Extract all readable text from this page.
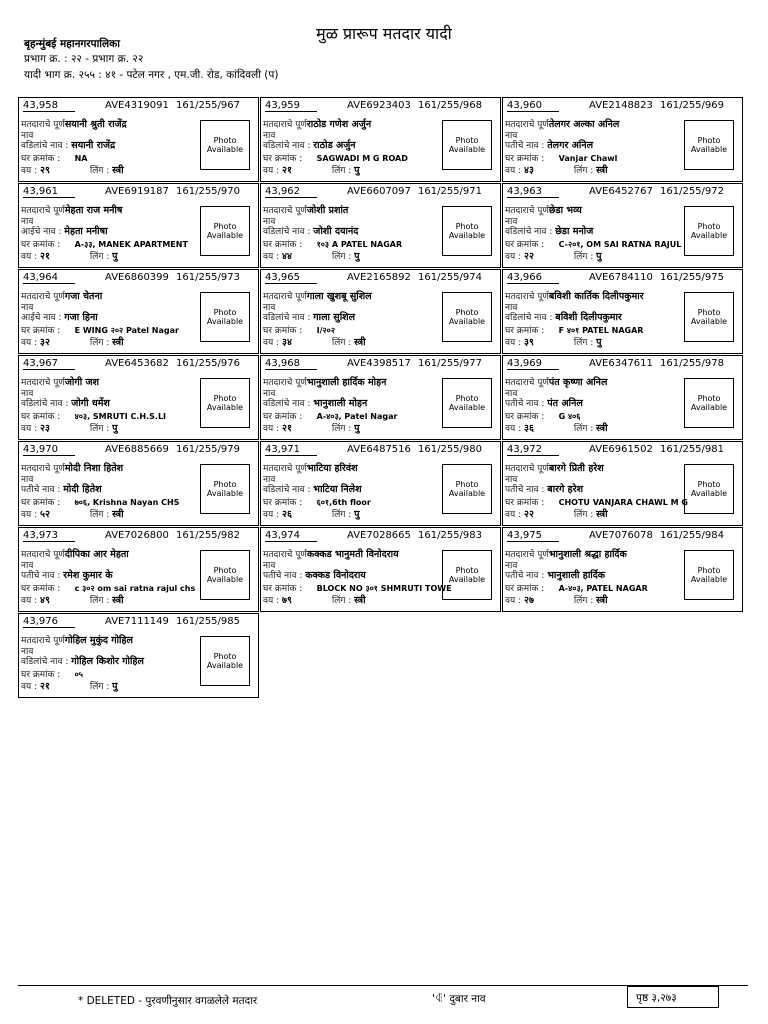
मुळ प्रारूप मतदार यादी
बृहन्मुंबई महानगरपालिका
प्रभाग क्र. : २२ - प्रभाग क्र. २२
यादी भाग क्र. २५५ : ४१ - पटेल नगर , एम.जी. रोड, कांदिवली (प)
43,958	AVE4319091 161/255/967
मतदाराचे पूर्णसयानी श्रुती राजेंद्र
नाव
वडिलांचे नाव : सयानी राजेंद्र
घर क्रमांक :     NA
वय : २९	लिंग : स्त्री
Photo
Available
43,959	AVE6923403 161/255/968
मतदाराचे पूर्णराठोड गणेश अर्जुन
नाव
वडिलांचे नाव : राठोड अर्जुन
घर क्रमांक :     SAGWADI M G ROAD
वय : २१	लिंग : पु
Photo
Available
43,960	AVE2148823 161/255/969
मतदाराचे पूर्णतेलगर अल्का अनिल
नाव
पतीचे नाव : तेलगर अनिल
घर क्रमांक :     Vanjar Chawl
वय : ४३	लिंग : स्त्री
Photo
Available
43,961	AVE6919187 161/255/970
मतदाराचे पूर्णमेहता राज मनीष
नाव
आईचे नाव : मेहता मनीषा
घर क्रमांक :     A-३३, MANEK APARTMENT
वय : २१	लिंग : पु
Photo
Available
43,962	AVE6607097 161/255/971
मतदाराचे पूर्णजोशी प्रशांत
नाव
वडिलांचे नाव : जोशी दयानंद
घर क्रमांक :     १०३ A PATEL NAGAR
वय : ४४	लिंग : पु
Photo
Available
43,963	AVE6452767 161/255/972
मतदाराचे पूर्णछेडा भव्य
नाव
वडिलांचे नाव : छेडा मनोज
घर क्रमांक :     C-२०१, OM SAI RATNA RAJUL
वय : २२	लिंग : पु
Photo
Available
43,964	AVE6860399 161/255/973
मतदाराचे पूर्णगजा चेतना
नाव
आईचे नाव : गजा हिना
घर क्रमांक :     E WING २०२ Patel Nagar
वय : ३२	लिंग : स्त्री
Photo
Available
43,965	AVE2165892 161/255/974
मतदाराचे पूर्णगाला खुशबू सुशिल
नाव
वडिलांचे नाव : गाला सुशिल
घर क्रमांक :     I/२०२
वय : ३४	लिंग : स्त्री
Photo
Available
43,966	AVE6784110 161/255/975
मतदाराचे पूर्णबविशी कार्तिक दिलीपकुमार
नाव
वडिलांचे नाव : बविशी दिलीपकुमार
घर क्रमांक :     F ४०१ PATEL NAGAR
वय : ३९	लिंग : पु
Photo
Available
43,967	AVE6453682 161/255/976
मतदाराचे पूर्णजोगी जश
नाव
वडिलांचे नाव : जोगी धर्मेश
घर क्रमांक :     ४०३, SMRUTI C.H.S.LI
वय : २३	लिंग : पु
Photo
Available
43,968	AVE4398517 161/255/977
मतदाराचे पूर्णभानुशाली हार्दिक मोहन
नाव
वडिलांचे नाव : भानुशाली मोहन
घर क्रमांक :     A-४०३, Patel Nagar
वय : २१	लिंग : पु
Photo
Available
43,969	AVE6347611 161/255/978
मतदाराचे पूर्णपंत कृष्णा अनिल
नाव
पतीचे नाव : पंत अनिल
घर क्रमांक :     G ४०६
वय : ३६	लिंग : स्त्री
Photo
Available
43,970	AVE6885669 161/255/979
मतदाराचे पूर्णमोदी निशा हितेश
नाव
पतीचे नाव : मोदी हितेश
घर क्रमांक :     ७०६, Krishna Nayan CHS
वय : ५२	लिंग : स्त्री
Photo
Available
43,971	AVE6487516 161/255/980
मतदाराचे पूर्णभाटिया हरिवंश
नाव
वडिलांचे नाव : भाटिया निलेश
घर क्रमांक :     ६०१,6th floor
वय : २६	लिंग : पु
Photo
Available
43,972	AVE6961502 161/255/981
मतदाराचे पूर्णबारगे प्रिती हरेश
नाव
पतीचे नाव : बारगे हरेश
घर क्रमांक :     CHOTU VANJARA CHAWL M G
वय : २२	लिंग : स्त्री
Photo
Available
43,973	AVE7026800 161/255/982
मतदाराचे पूर्णदीपिका आर मेहता
नाव
पतीचे नाव : रमेश कुमार के
घर क्रमांक :     c ३०२ om sai ratna rajul chs
वय : ४९	लिंग : स्त्री
Photo
Available
43,974	AVE7028665 161/255/983
मतदाराचे पूर्णकक्कड भानुमती विनोदराय
नाव
पतीचे नाव : कक्कड विनोदराय
घर क्रमांक :     BLOCK NO ३०१ SHMRUTI TOWE
वय : ७९	लिंग : स्त्री
Photo
Available
43,975	AVE7076078 161/255/984
मतदाराचे पूर्णभानुशाली श्रद्धा हार्दिक
नाव
पतीचे नाव : भानुशाली हार्दिक
घर क्रमांक :     A-४०३, PATEL NAGAR
वय : २७	लिंग : स्त्री
Photo
Available
43,976	AVE7111149 161/255/985
मतदाराचे पूर्णगोहिल मुकुंद गोहिल
नाव
वडिलांचे नाव : गोहिल किशोर गोहिल
घर क्रमांक :     ०५
वय : २१	लिंग : पु
Photo
Available
* DELETED - पुरवणीनुसार वगळलेले मतदार	'ꆠ' दुबार नाव	पृष्ठ ३,२७३
